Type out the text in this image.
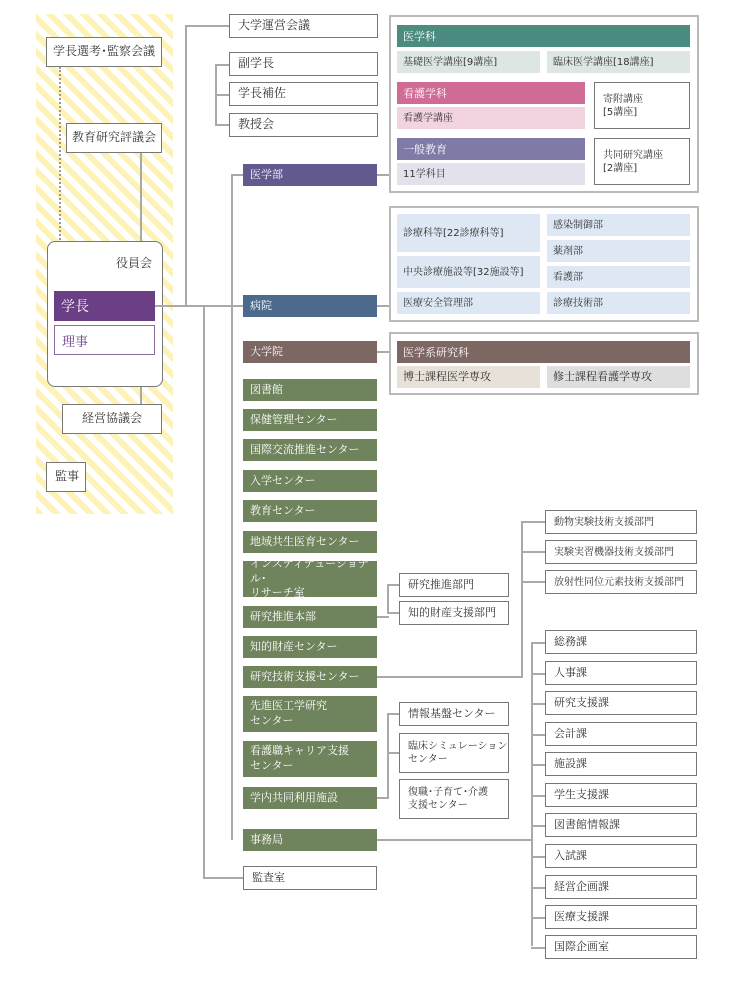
学長選考･監察会議
教育研究評議会
役員会
学長
理事
経営協議会
監事
大学運営会議
副学長
学長補佐
教授会
医学部
医学科
基礎医学講座[9講座]	臨床医学講座[18講座]
看護学科
看護学講座
寄附講座
[5講座]
一般教育
11学科目
共同研究講座
[2講座]
病院
診療科等[22診療科等]
中央診療施設等[32施設等]
医療安全管理部
感染制御部
薬剤部
看護部
診療技術部
大学院	医学系研究科
博士課程医学専攻	修士課程看護学専攻
図書館
保健管理センター
国際交流推進センター
入学センター
教育センター
地域共生医育センター
インスティテューショナル･
リサーチ室
研究推進本部
知的財産センター
研究技術支援センター
先進医工学研究
センター
看護職キャリア支援
センター
学内共同利用施設
事務局
監査室
研究推進部門
知的財産支援部門
動物実験技術支援部門
実験実習機器技術支援部門
放射性同位元素技術支援部門
情報基盤センター
臨床シミュレーション
センター
復職･子育て･介護
支援センター
総務課
人事課
研究支援課
会計課
施設課
学生支援課
図書館情報課
入試課
経営企画課
医療支援課
国際企画室
